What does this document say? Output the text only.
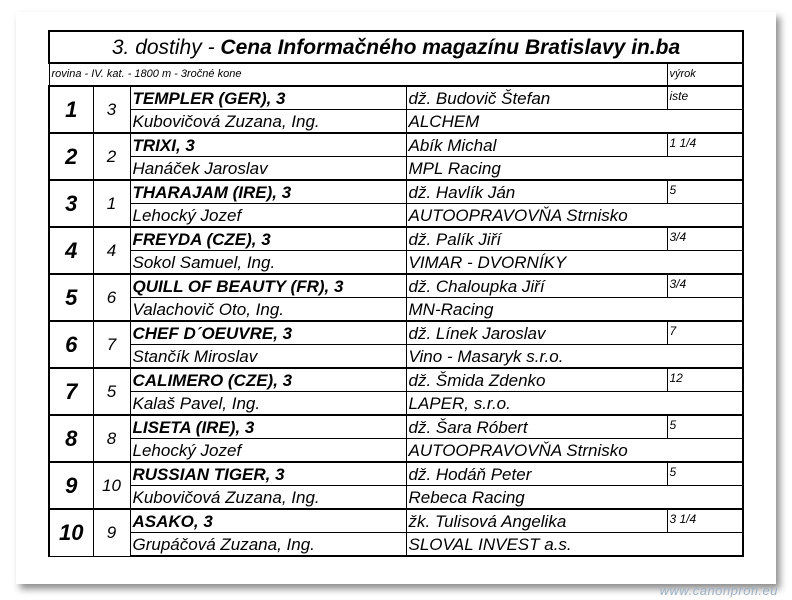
3. dostihy - Cena Informačného magazínu Bratislavy in.ba				
rovina - IV. kat. - 1800 m - 3ročné kone				výrok
1	3	TEMPLER (GER), 3	dž. Budovič Štefan	iste
		Kubovičová Zuzana, Ing.	ALCHEM	
2	2	TRIXI, 3	Abík Michal	1 1/4
		Hanáček Jaroslav	MPL Racing	
3	1	THARAJAM (IRE), 3	dž. Havlík Ján	5
		Lehocký Jozef	AUTOOPRAVOVŇA Strnisko	
4	4	FREYDA (CZE), 3	dž. Palík Jiří	3/4
		Sokol Samuel, Ing.	VIMAR - DVORNÍKY	
5	6	QUILL OF BEAUTY (FR), 3	dž. Chaloupka Jiří	3/4
		Valachovič Oto, Ing.	MN-Racing	
6	7	CHEF D´OEUVRE, 3	dž. Línek Jaroslav	7
		Stančík Miroslav	Vino - Masaryk s.r.o.	
7	5	CALIMERO (CZE), 3	dž. Šmida Zdenko	12
		Kalaš Pavel, Ing.	LAPER, s.r.o.	
8	8	LISETA (IRE), 3	dž. Šara Róbert	5
		Lehocký Jozef	AUTOOPRAVOVŇA Strnisko	
9	10	RUSSIAN TIGER, 3	dž. Hodáň Peter	5
		Kubovičová Zuzana, Ing.	Rebeca Racing	
10	9	ASAKO, 3	žk. Tulisová Angelika	3 1/4
		Grupáčová Zuzana, Ing.	SLOVAL INVEST a.s.	
www.canonprofi.eu
